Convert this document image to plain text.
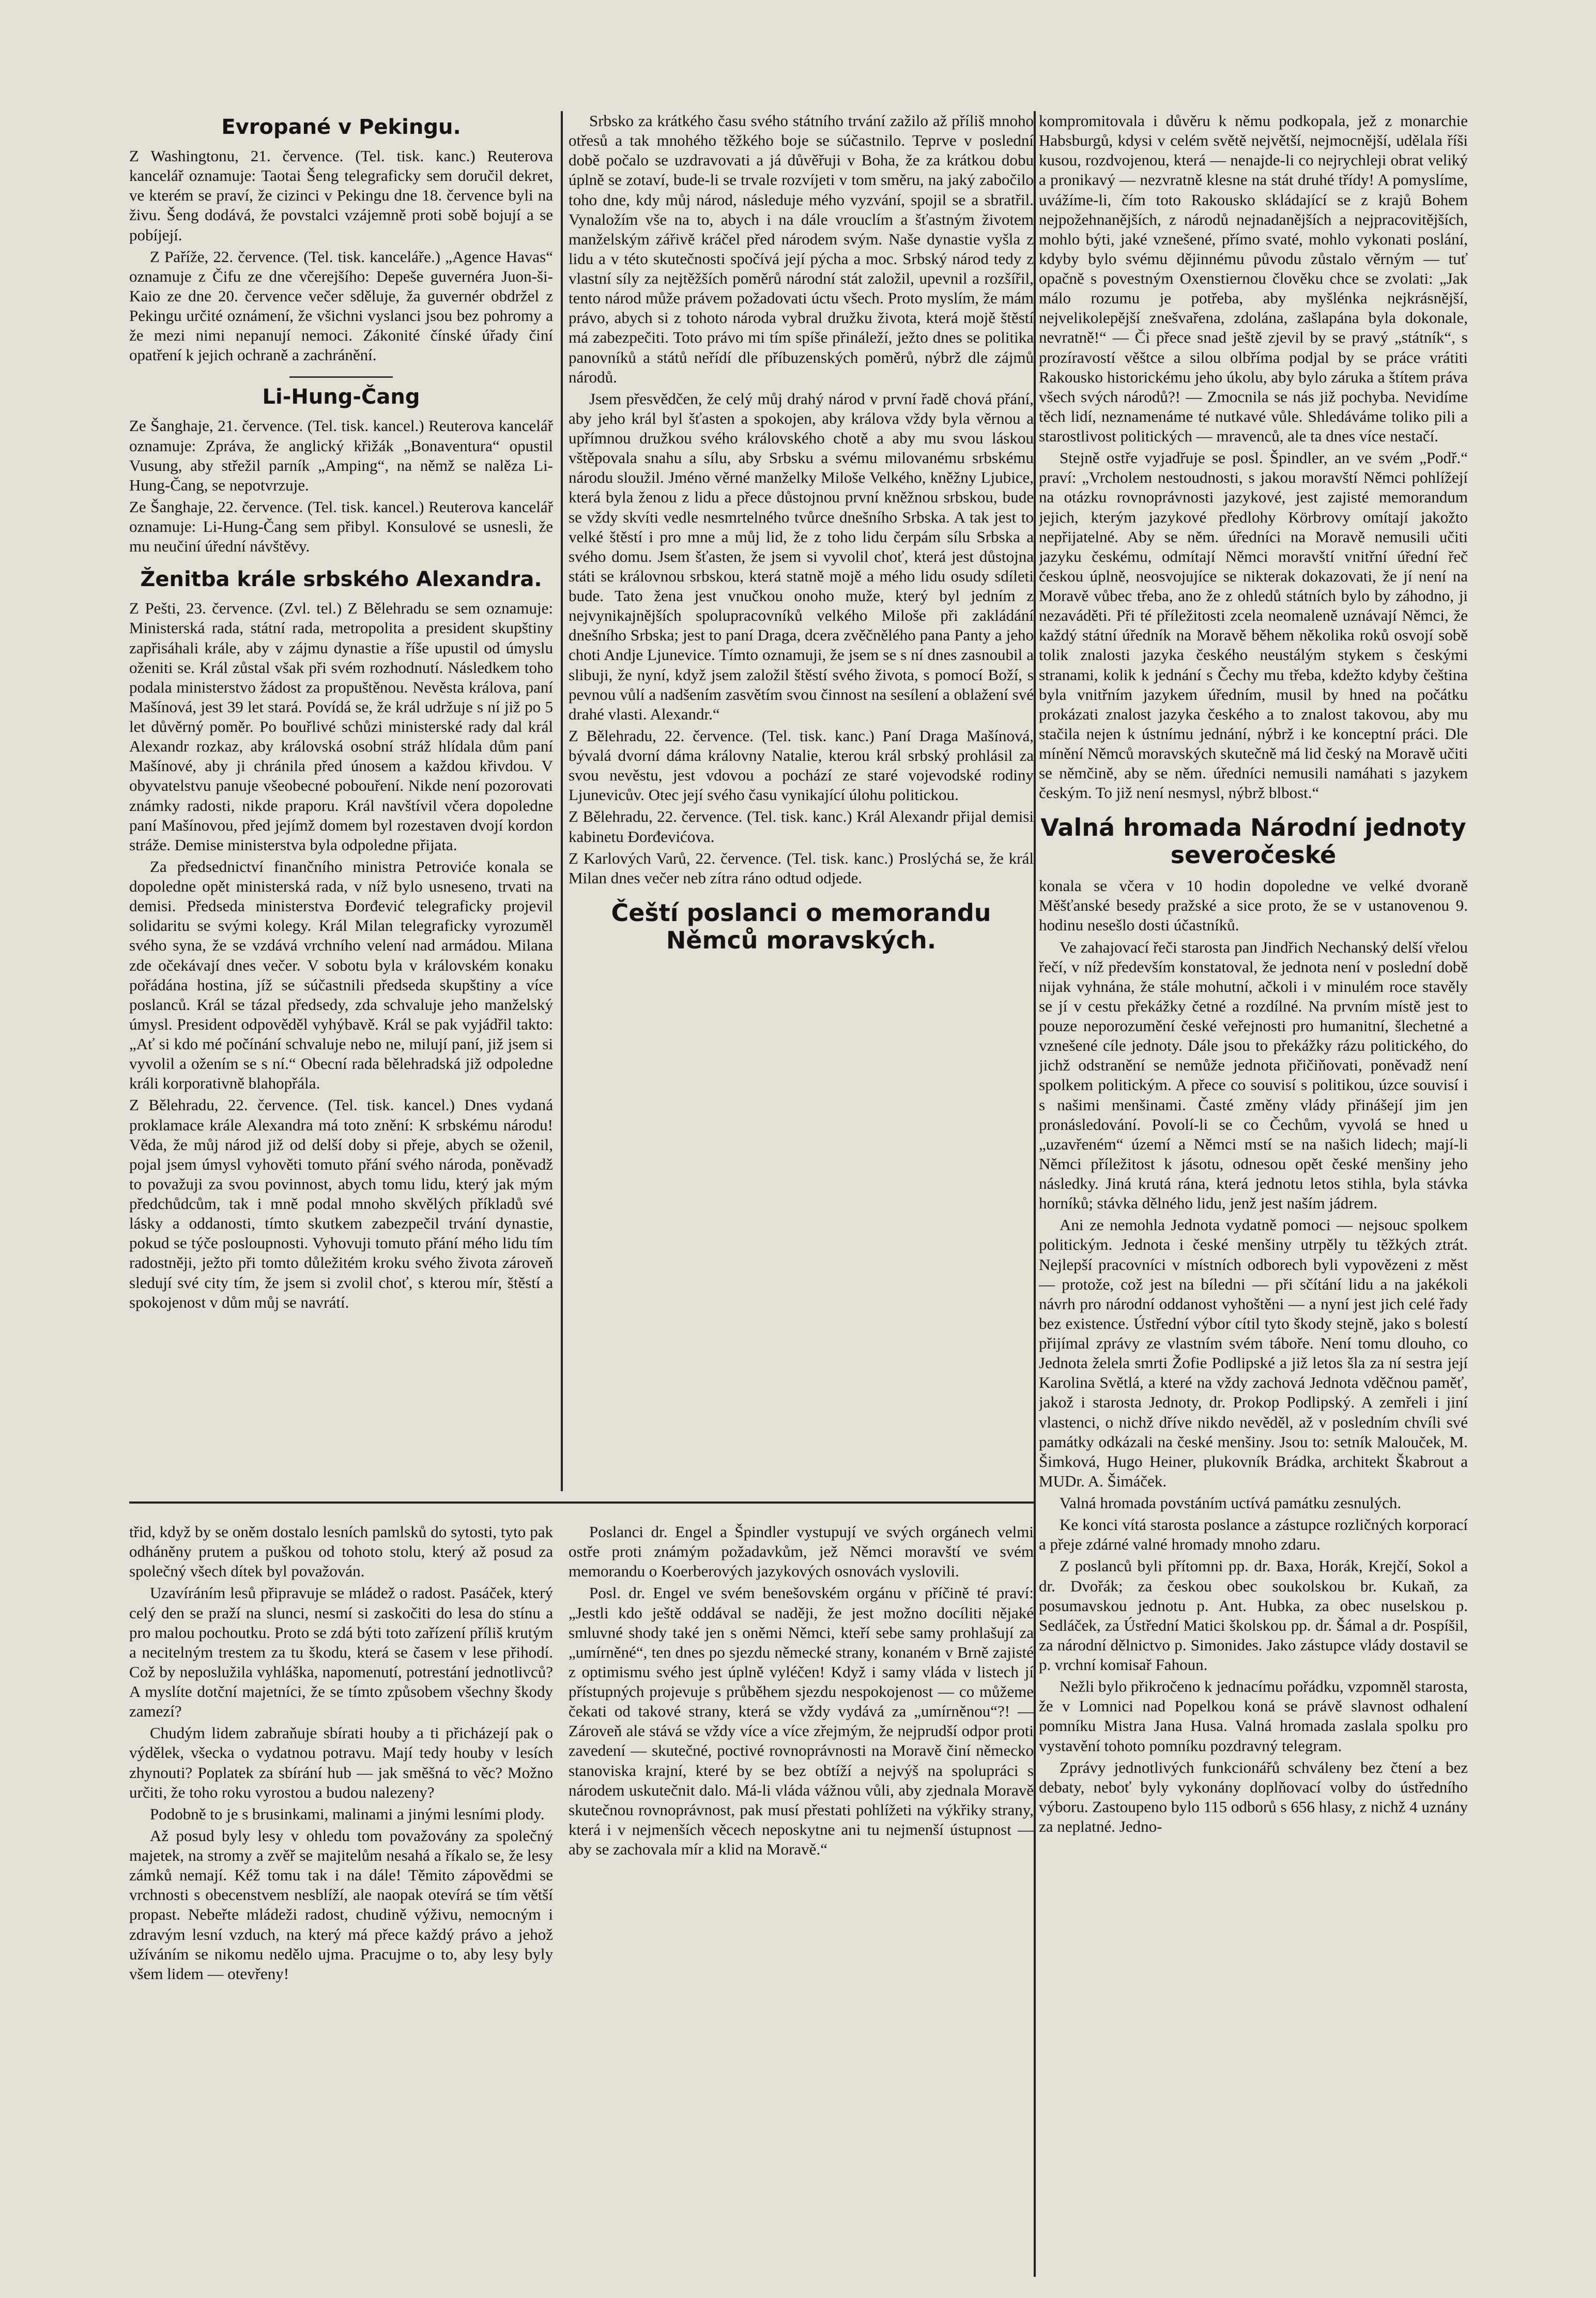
Evropané v Pekingu.

Z Washingtonu, 21. července. (Tel. tisk. kanc.) Reuterova kancelář oznamuje: Taotai Šeng telegraficky sem doručil dekret, ve kterém se praví, že cizinci v Pekingu dne 18. července byli na živu. Šeng dodává, že povstalci vzájemně proti sobě bojují a se pobíjejí.

Z Paříže, 22. července. (Tel. tisk. kanceláře.) „Agence Havas“ oznamuje z Čifu ze dne včerejšího: Depeše guvernéra Juon-ši-Kaio ze dne 20. července večer sděluje, ža guvernér obdržel z Pekingu určité oznámení, že všichni vyslanci jsou bez pohromy a že mezi nimi nepanují nemoci. Zákonité čínské úřady činí opatření k jejich ochraně a zachránění.

Li-Hung-Čang

Ze Šanghaje, 21. července. (Tel. tisk. kancel.) Reuterova kancelář oznamuje: Zpráva, že anglický křižák „Bonaventura“ opustil Vusung, aby střežil parník „Amping“, na němž se nalěza Li-Hung-Čang, se nepotvrzuje.

Ze Šanghaje, 22. července. (Tel. tisk. kancel.) Reuterova kancelář oznamuje: Li-Hung-Čang sem přibyl. Konsulové se usnesli, že mu neučiní úřední návštěvy.

Ženitba krále srbského Alexandra.

Z Pešti, 23. července. (Zvl. tel.) Z Bělehradu se sem oznamuje: Ministerská rada, státní rada, metropolita a president skupštiny zapřisáhali krále, aby v zájmu dynastie a říše upustil od úmyslu oženiti se. Král zůstal však při svém rozhodnutí. Následkem toho podala ministerstvo žádost za propuštěnou. Nevěsta králova, paní Mašínová, jest 39 let stará. Povídá se, že král udržuje s ní již po 5 let důvěrný poměr. Po bouřlivé schůzi ministerské rady dal král Alexandr rozkaz, aby královská osobní stráž hlídala dům paní Mašínové, aby ji chránila před únosem a každou křivdou. V obyvatelstvu panuje všeobecné pobouření. Nikde není pozorovati známky radosti, nikde praporu. Král navštívil včera dopoledne paní Mašínovou, před jejímž domem byl rozestaven dvojí kordon stráže. Demise ministerstva byla odpoledne přijata.

Za předsednictví finančního ministra Petroviće konala se dopoledne opět ministerská rada, v níž bylo usneseno, trvati na demisi. Předseda ministerstva Đorđević telegraficky projevil solidaritu se svými kolegy. Král Milan telegraficky vyrozuměl svého syna, že se vzdává vrchního velení nad armádou. Milana zde očekávají dnes večer. V sobotu byla v královském konaku pořádána hostina, jíž se súčastnili předseda skupštiny a více poslanců. Král se tázal předsedy, zda schvaluje jeho manželský úmysl. President odpověděl vyhýbavě. Král se pak vyjádřil takto: „Ať si kdo mé počínání schvaluje nebo ne, milují paní, již jsem si vyvolil a ožením se s ní.“ Obecní rada bělehradská již odpoledne králi korporativně blahopřála.

Z Bělehradu, 22. července. (Tel. tisk. kancel.) Dnes vydaná proklamace krále Alexandra má toto znění: K srbskému národu! Věda, že můj národ již od delší doby si přeje, abych se oženil, pojal jsem úmysl vyhověti tomuto přání svého národa, poněvadž to považuji za svou povinnost, abych tomu lidu, který jak mým předchůdcům, tak i mně podal mnoho skvělých příkladů své lásky a oddanosti, tímto skutkem zabezpečil trvání dynastie, pokud se týče posloupnosti. Vyhovuji tomuto přání mého lidu tím radostněji, ježto při tomto důležitém kroku svého života zároveň sledují své city tím, že jsem si zvolil choť, s kterou mír, štěstí a spokojenost v dům můj se navrátí.

Srbsko za krátkého času svého státního trvání zažilo až příliš mnoho otřesů a tak mnohého těžkého boje se súčastnilo. Teprve v poslední době počalo se uzdravovati a já důvěřuji v Boha, že za krátkou dobu úplně se zotaví, bude-li se trvale rozvíjeti v tom směru, na jaký zabočilo toho dne, kdy můj národ, následuje mého vyzvání, spojil se a sbratřil. Vynaložím vše na to, abych i na dále vrouclím a šťastným životem manželským zářivě kráčel před národem svým. Naše dynastie vyšla z lidu a v této skutečnosti spočívá její pýcha a moc. Srbský národ tedy z vlastní síly za nejtěžších poměrů národní stát založil, upevnil a rozšířil, tento národ může právem požadovati úctu všech. Proto myslím, že mám právo, abych si z tohoto národa vybral družku života, která mojě štěstí má zabezpečiti. Toto právo mi tím spíše přináleží, ježto dnes se politika panovníků a států neřídí dle příbuzenských poměrů, nýbrž dle zájmů národů.

Jsem přesvědčen, že celý můj drahý národ v první řadě chová přání, aby jeho král byl šťasten a spokojen, aby králova vždy byla věrnou a upřímnou družkou svého královského chotě a aby mu svou láskou vštěpovala snahu a sílu, aby Srbsku a svému milovanému srbskému národu sloužil. Jméno věrné manželky Miloše Velkého, kněžny Ljubice, která byla ženou z lidu a přece důstojnou první kněžnou srbskou, bude se vždy skvíti vedle nesmrtelného tvůrce dnešního Srbska. A tak jest to velké štěstí i pro mne a můj lid, že z toho lidu čerpám sílu Srbska a svého domu. Jsem šťasten, že jsem si vyvolil choť, která jest důstojna státi se královnou srbskou, která statně mojě a mého lidu osudy sdíleti bude. Tato žena jest vnučkou onoho muže, který byl jedním z nejvynikajnějších spolupracovníků velkého Miloše při zakládání dnešního Srbska; jest to paní Draga, dcera zvěčnělého pana Panty a jeho choti Andje Ljunevice. Tímto oznamuji, že jsem se s ní dnes zasnoubil a slibuji, že nyní, když jsem založil štěstí svého života, s pomocí Boží, s pevnou vůlí a nadšením zasvětím svou činnost na sesílení a oblažení své drahé vlasti. Alexandr.“

Z Bělehradu, 22. července. (Tel. tisk. kanc.) Paní Draga Mašínová, bývalá dvorní dáma královny Natalie, kterou král srbský prohlásil za svou nevěstu, jest vdovou a pochází ze staré vojevodské rodiny Ljunevicův. Otec její svého času vynikající úlohu politickou.

Z Bělehradu, 22. července. (Tel. tisk. kanc.) Král Alexandr přijal demisi kabinetu Đorđevićova.

Z Karlových Varů, 22. července. (Tel. tisk. kanc.) Proslýchá se, že král Milan dnes večer neb zítra ráno odtud odjede.

Čeští poslanci o memorandu Němců moravských.

kompromitovala i důvěru k němu podkopala, jež z monarchie Habsburgů, kdysi v celém světě největší, nejmocnější, udělala říši kusou, rozdvojenou, která — nenajde-li co nejrychleji obrat veliký a pronikavý — nezvratně klesne na stát druhé třídy! A pomyslíme, uvážíme-li, čím toto Rakousko skládající se z krajů Bohem nejpožehnanějších, z národů nejnadanějších a nejpracovitějších, mohlo býti, jaké vznešené, přímo svaté, mohlo vykonati poslání, kdyby bylo svému dějinnému původu zůstalo věrným — tuť opačně s povestným Oxenstiernou člověku chce se zvolati: „Jak málo rozumu je potřeba, aby myšlénka nejkrásnější, nejvelikolepější znešvařena, zdolána, zašlapána byla dokonale, nevratně!“ — Či přece snad ještě zjevil by se pravý „státník“, s prozíravostí věštce a silou olbříma podjal by se práce vrátiti Rakousko historickému jeho úkolu, aby bylo záruka a štítem práva všech svých národů?! — Zmocnila se nás již pochyba. Nevidíme těch lidí, neznamenáme té nutkavé vůle. Shledáváme toliko pili a starostlivost politických — mravenců, ale ta dnes více nestačí.

Stejně ostře vyjadřuje se posl. Špindler, an ve svém „Podř.“ praví: „Vrcholem nestoudnosti, s jakou moravští Němci pohlížejí na otázku rovnoprávnosti jazykové, jest zajisté memorandum jejich, kterým jazykové předlohy Körbrovy omítají jakožto nepřijatelné. Aby se něm. úředníci na Moravě nemusili učiti jazyku českému, odmítají Němci moravští vnitřní úřední řeč českou úplně, neosvojujíce se nikterak dokazovati, že jí není na Moravě vůbec třeba, ano že z ohledů státních bylo by záhodno, ji nezaváděti. Při té příležitosti zcela neomaleně uznávají Němci, že každý státní úředník na Moravě během několika roků osvojí sobě tolik znalosti jazyka českého neustálým stykem s českými stranami, kolik k jednání s Čechy mu třeba, kdežto kdyby čeština byla vnitřním jazykem úředním, musil by hned na počátku prokázati znalost jazyka českého a to znalost takovou, aby mu stačila nejen k ústnímu jednání, nýbrž i ke konceptní práci. Dle mínění Němců moravských skutečně má lid český na Moravě učiti se němčině, aby se něm. úředníci nemusili namáhati s jazykem českým. To již není nesmysl, nýbrž blbost.“

Valná hromada Národní jednoty severočeské

konala se včera v 10 hodin dopoledne ve velké dvoraně Měšťanské besedy pražské a sice proto, že se v ustanovenou 9. hodinu nesešlo dosti účastníků.

Ve zahajovací řeči starosta pan Jindřich Nechanský delší vřelou řečí, v níž především konstatoval, že jednota není v poslední době nijak vyhnána, že stále mohutní, ačkoli i v minulém roce stavěly se jí v cestu překážky četné a rozdílné. Na prvním místě jest to pouze neporozumění české veřejnosti pro humanitní, šlechetné a vznešené cíle jednoty. Dále jsou to překážky rázu politického, do jichž odstranění se nemůže jednota přičiňovati, poněvadž není spolkem politickým. A přece co souvisí s politikou, úzce souvisí i s našimi menšinami. Časté změny vlády přinášejí jim jen pronásledování. Povolí-li se co Čechům, vyvolá se hned u „uzavřeném“ území a Němci mstí se na našich lidech; mají-li Němci příležitost k jásotu, odnesou opět české menšiny jeho následky. Jiná krutá rána, která jednotu letos stihla, byla stávka horníků; stávka dělného lidu, jenž jest naším jádrem.

Ani ze nemohla Jednota vydatně pomoci — nejsouc spolkem politickým. Jednota i české menšiny utrpěly tu těžkých ztrát. Nejlepší pracovníci v místních odborech byli vypovězeni z měst — protože, což jest na bíledni — při sčítání lidu a na jakékoli návrh pro národní oddanost vyhoštěni — a nyní jest jich celé řady bez existence. Ústřední výbor cítil tyto škody stejně, jako s bolestí přijímal zprávy ze vlastním svém táboře. Není tomu dlouho, co Jednota želela smrti Žofie Podlipské a již letos šla za ní sestra její Karolina Světlá, a které na vždy zachová Jednota vděčnou paměť, jakož i starosta Jednoty, dr. Prokop Podlipský. A zemřeli i jiní vlastenci, o nichž dříve nikdo nevěděl, až v posledním chvíli své památky odkázali na české menšiny. Jsou to: setník Malouček, M. Šimková, Hugo Heiner, plukovník Brádka, architekt Škabrout a MUDr. A. Šimáček.

Valná hromada povstáním uctívá památku zesnulých.

Ke konci vítá starosta poslance a zástupce rozličných korporací a přeje zdárné valné hromady mnoho zdaru.

Z poslanců byli přítomni pp. dr. Baxa, Horák, Krejčí, Sokol a dr. Dvořák; za českou obec soukolskou br. Kukaň, za posumavskou jednotu p. Ant. Hubka, za obec nuselskou p. Sedláček, za Ústřední Matici školskou pp. dr. Šámal a dr. Pospíšil, za národní dělnictvo p. Simonides. Jako zástupce vlády dostavil se p. vrchní komisař Fahoun.

Nežli bylo přikročeno k jednacímu pořádku, vzpomněl starosta, že v Lomnici nad Popelkou koná se právě slavnost odhalení pomníku Mistra Jana Husa. Valná hromada zaslala spolku pro vystavění tohoto pomníku pozdravný telegram.

Zprávy jednotlivých funkcionářů schváleny bez čtení a bez debaty, neboť byly vykonány doplňovací volby do ústředního výboru. Zastoupeno bylo 115 odborů s 656 hlasy, z nichž 4 uznány za neplatné. Jedno-

třid, když by se oněm dostalo lesních pamlsků do sytosti, tyto pak odháněny prutem a puškou od tohoto stolu, který až posud za společný všech dítek byl považován.

Uzavíráním lesů připravuje se mládež o radost. Pasáček, který celý den se praží na slunci, nesmí si zaskočiti do lesa do stínu a pro malou pochoutku. Proto se zdá býti toto zařízení příliš krutým a necitelným trestem za tu škodu, která se časem v lese přihodí. Což by neposlužila vyhláška, napomenutí, potrestání jednotlivců? A myslíte dotční majetníci, že se tímto způsobem všechny škody zamezí?

Chudým lidem zabraňuje sbírati houby a ti přicházejí pak o výdělek, všecka o vydatnou potravu. Mají tedy houby v lesích zhynouti? Poplatek za sbírání hub — jak směšná to věc? Možno určiti, že toho roku vyrostou a budou nalezeny?

Podobně to je s brusinkami, malinami a jinými lesními plody.

Až posud byly lesy v ohledu tom považovány za společný majetek, na stromy a zvěř se majitelům nesahá a říkalo se, že lesy zámků nemají. Kéž tomu tak i na dále! Těmito zápovědmi se vrchnosti s obecenstvem nesblíží, ale naopak otevírá se tím větší propast. Nebeřte mládeži radost, chudině výživu, nemocným i zdravým lesní vzduch, na který má přece každý právo a jehož užíváním se nikomu nedělo ujma. Pracujme o to, aby lesy byly všem lidem — otevřeny!

Poslanci dr. Engel a Špindler vystupují ve svých orgánech velmi ostře proti známým požadavkům, jež Němci moravští ve svém memorandu o Koerberových jazykových osnovách vyslovili.

Posl. dr. Engel ve svém benešovském orgánu v příčině té praví: „Jestli kdo ještě oddával se naději, že jest možno docíliti nějaké smluvné shody také jen s oněmi Němci, kteří sebe samy prohlašují za „umírněné“, ten dnes po sjezdu německé strany, konaném v Brně zajisté z optimismu svého jest úplně vyléčen! Když i samy vláda v listech jí přístupných projevuje s průběhem sjezdu nespokojenost — co můžeme čekati od takové strany, která se vždy vydává za „umírněnou“?! — Zároveň ale stává se vždy více a více zřejmým, že nejprudší odpor proti zavedení — skutečné, poctivé rovnoprávnosti na Moravě činí německo stanoviska krajní, které by se bez obtíží a nejvýš na spolupráci s národem uskutečnit dalo. Má-li vláda vážnou vůli, aby zjednala Moravě skutečnou rovnoprávnost, pak musí přestati pohlížeti na výkřiky strany, která i v nejmenších věcech neposkytne ani tu nejmenší ústupnost — aby se zachovala mír a klid na Moravě.“
